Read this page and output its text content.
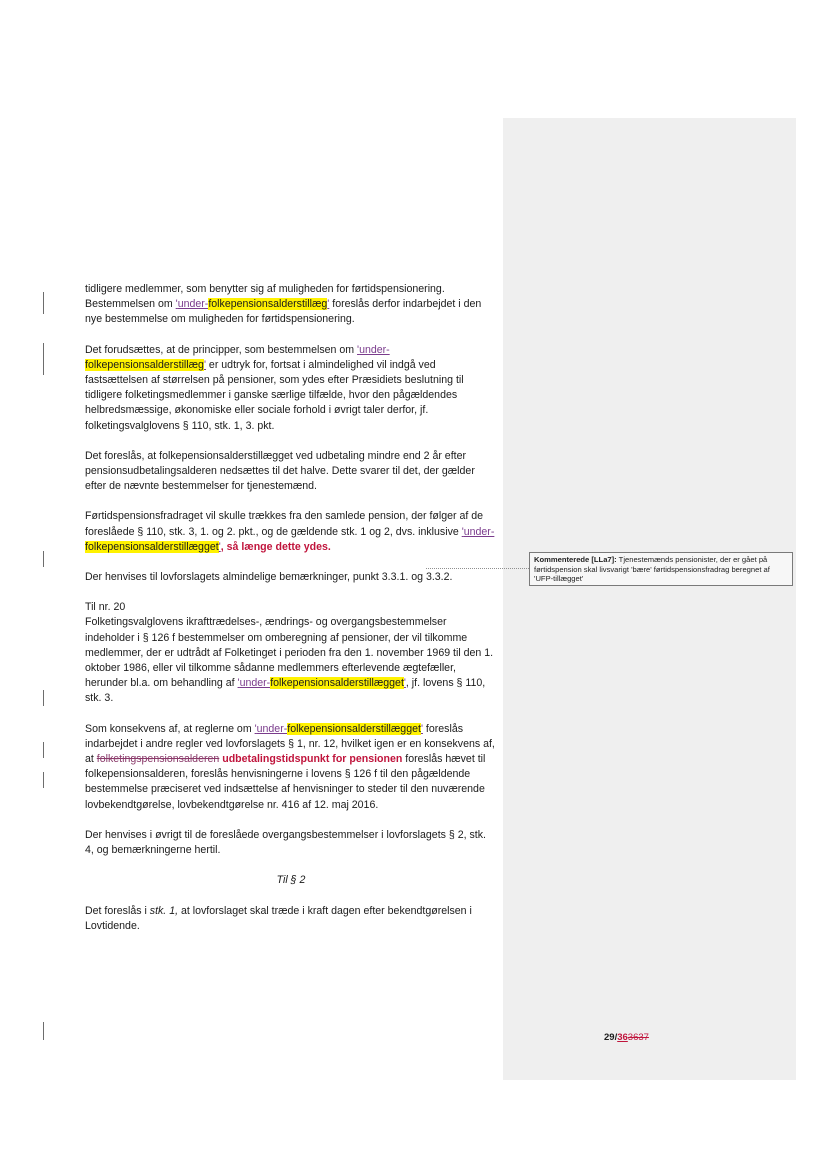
tidligere medlemmer, som benytter sig af muligheden for førtidspensionering. Bestemmelsen om 'under-folkepensionsalderstillæg' foreslås derfor indarbejdet i den nye bestemmelse om muligheden for førtidspensionering.

Det forudsættes, at de principper, som bestemmelsen om 'under-folkepensionsalderstillæg' er udtryk for, fortsat i almindelighed vil indgå ved fastsættelsen af størrelsen på pensioner, som ydes efter Præsidiets beslutning til tidligere folketingsmedlemmer i ganske særlige tilfælde, hvor den pågældendes helbredsmæssige, økonomiske eller sociale forhold i øvrigt taler derfor, jf. folketingsvalglovens § 110, stk. 1, 3. pkt.

Det foreslås, at folkepensionsalderstillægget ved udbetaling mindre end 2 år efter pensionsudbetalingsalderen nedsættes til det halve. Dette svarer til det, der gælder efter de nævnte bestemmelser for tjenestemænd.

Førtidspensionsfradraget vil skulle trækkes fra den samlede pension, der følger af de foreslåede § 110, stk. 3, 1. og 2. pkt., og de gældende stk. 1 og 2, dvs. inklusive 'under-folkepensionsalderstillægget', så længe dette ydes.

Der henvises til lovforslagets almindelige bemærkninger, punkt 3.3.1. og 3.3.2.

Til nr. 20
Folketingsvalglovens ikrafttrædelses-, ændrings- og overgangsbestemmelser indeholder i § 126 f bestemmelser om omberegning af pensioner, der vil tilkomme medlemmer, der er udtrådt af Folketinget i perioden fra den 1. november 1969 til den 1. oktober 1986, eller vil tilkomme sådanne medlemmers efterlevende ægtefæller, herunder bl.a. om behandling af 'under-folkepensionsalderstillægget', jf. lovens § 110, stk. 3.

Som konsekvens af, at reglerne om 'under-folkepensionsalderstillægget' foreslås indarbejdet i andre regler ved lovforslagets § 1, nr. 12, hvilket igen er en konsekvens af, at folketingspensionsalderen udbetalingstidspunkt for pensionen foreslås hævet til folkepensionsalderen, foreslås henvisningerne i lovens § 126 f til den pågældende bestemmelse præciseret ved indsættelse af henvisninger to steder til den nuværende lovbekendtgørelse, lovbekendtgørelse nr. 416 af 12. maj 2016.

Der henvises i øvrigt til de foreslåede overgangsbestemmelser i lovforslagets § 2, stk. 4, og bemærkningerne hertil.

Til § 2

Det foreslås i stk. 1, at lovforslaget skal træde i kraft dagen efter bekendtgørelsen i Lovtidende.

Kommenterede [LLa7]: Tjenestemænds pensionister, der er gået på førtidspension skal livsvarigt 'bære' førtidspensionsfradrag beregnet af 'UFP-tillægget'
29/363637
